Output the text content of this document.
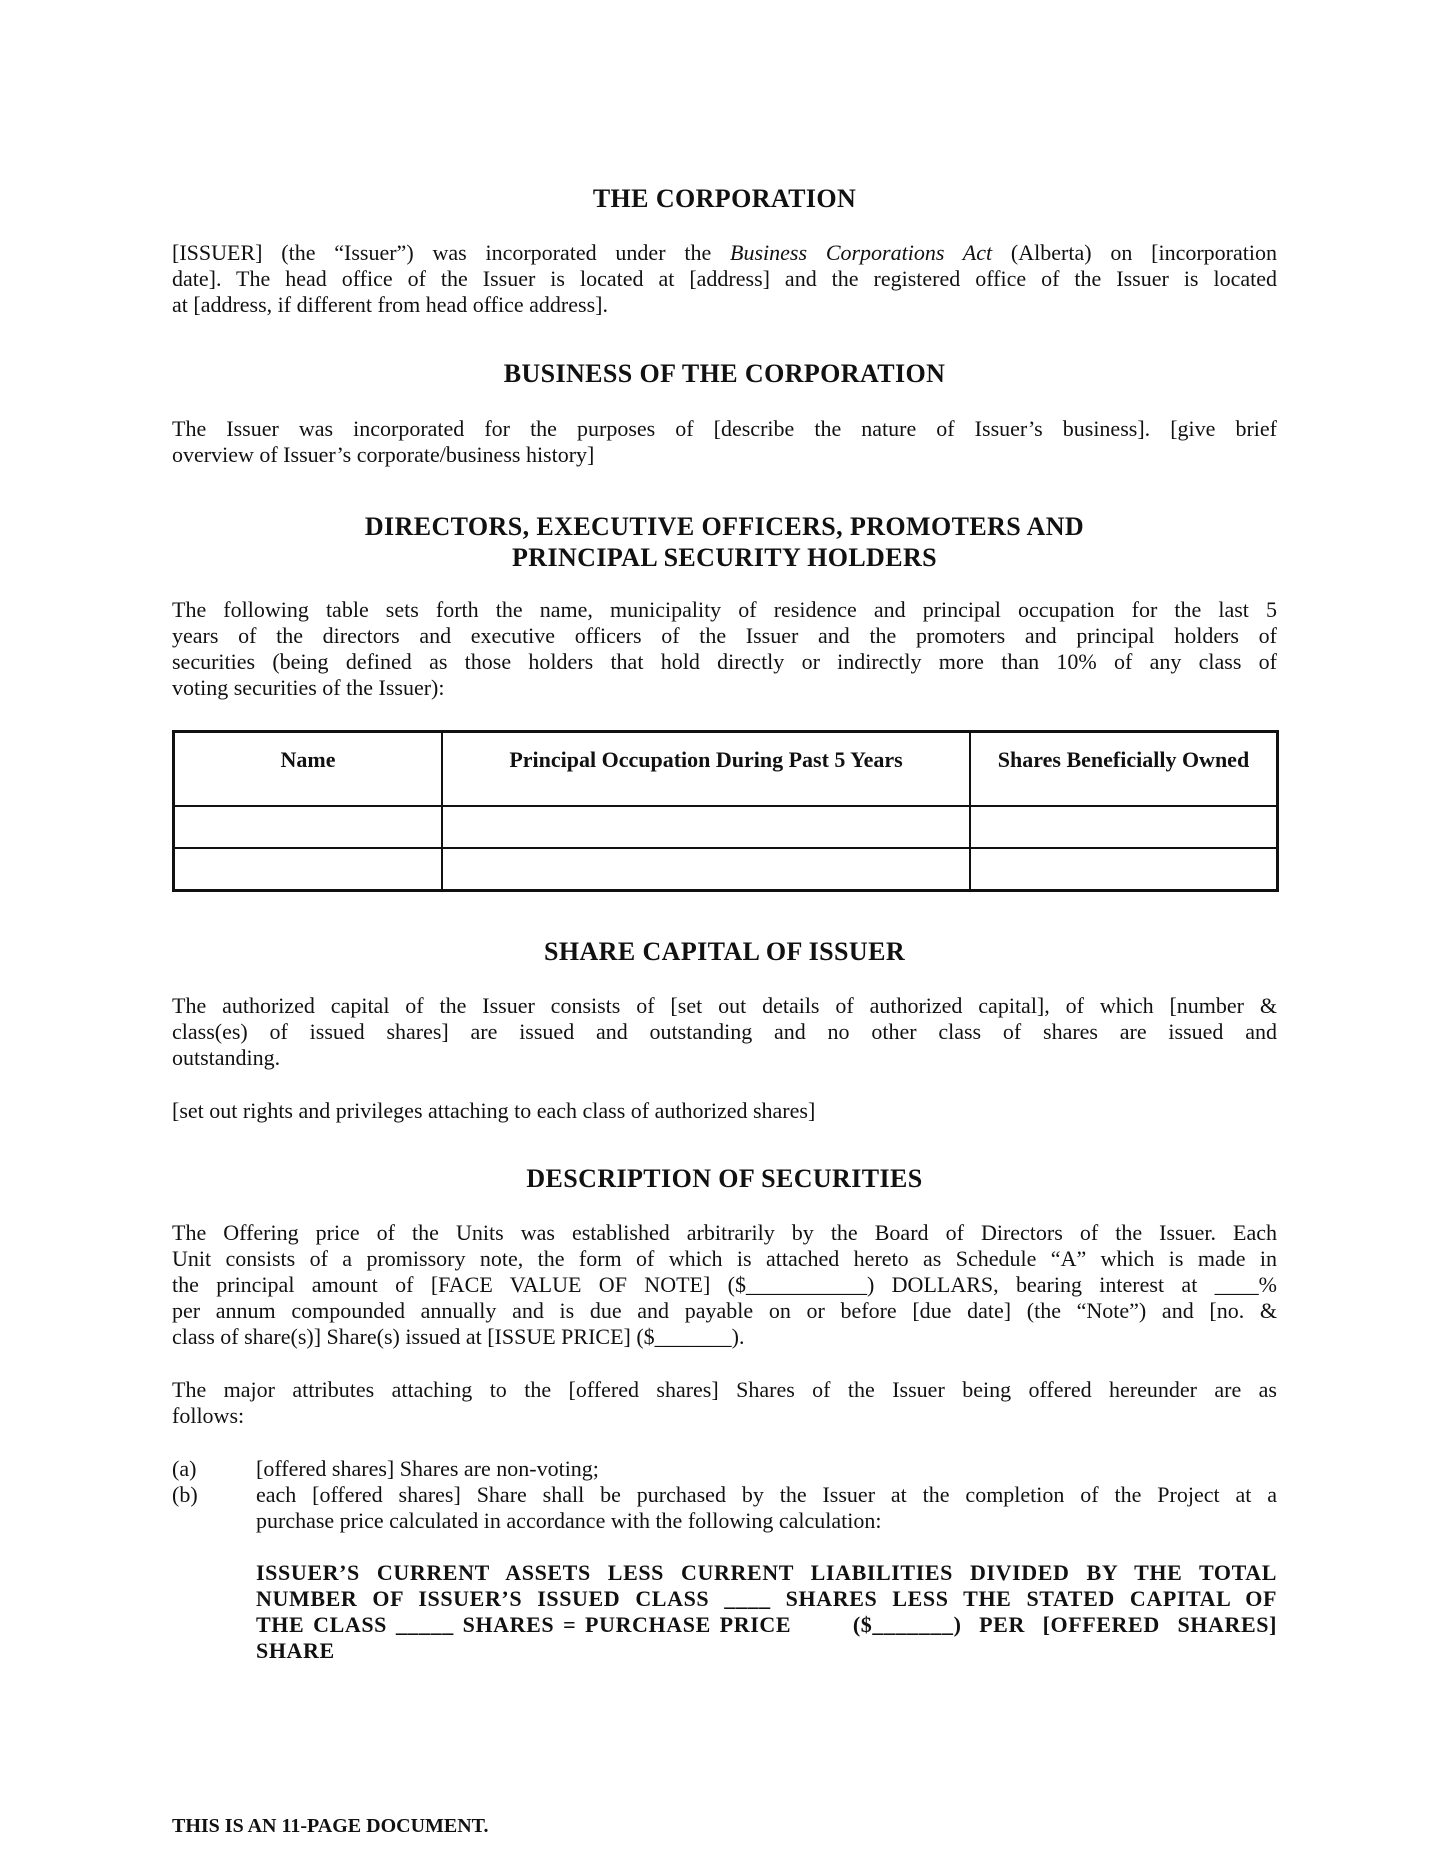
THE CORPORATION
[ISSUER] (the “Issuer”) was incorporated under the Business Corporations Act (Alberta) on [incorporation
date]. The head office of the Issuer is located at [address] and the registered office of the Issuer is located
at [address, if different from head office address].
BUSINESS OF THE CORPORATION
The Issuer was incorporated for the purposes of [describe the nature of Issuer’s business]. [give brief
overview of Issuer’s corporate/business history]
DIRECTORS, EXECUTIVE OFFICERS, PROMOTERS AND
PRINCIPAL SECURITY HOLDERS
The following table sets forth the name, municipality of residence and principal occupation for the last 5
years of the directors and executive officers of the Issuer and the promoters and principal holders of
securities (being defined as those holders that hold directly or indirectly more than 10% of any class of
voting securities of the Issuer):
Name	Principal Occupation During Past 5 Years	Shares Beneficially Owned

SHARE CAPITAL OF ISSUER
The authorized capital of the Issuer consists of [set out details of authorized capital], of which [number &
class(es) of issued shares] are issued and outstanding and no other class of shares are issued and
outstanding.
[set out rights and privileges attaching to each class of authorized shares]
DESCRIPTION OF SECURITIES
The Offering price of the Units was established arbitrarily by the Board of Directors of the Issuer. Each
Unit consists of a promissory note, the form of which is attached hereto as Schedule “A” which is made in
the principal amount of [FACE VALUE OF NOTE] ($___________) DOLLARS, bearing interest at ____%
per annum compounded annually and is due and payable on or before [due date] (the “Note”) and [no. &
class of share(s)] Share(s) issued at [ISSUE PRICE] ($_______).
The major attributes attaching to the [offered shares] Shares of the Issuer being offered hereunder are as
follows:
(a)	[offered shares] Shares are non-voting;
(b)	each [offered shares] Share shall be purchased by the Issuer at the completion of the Project at a
purchase price calculated in accordance with the following calculation:
ISSUER’S CURRENT ASSETS LESS CURRENT LIABILITIES DIVIDED BY THE TOTAL
NUMBER OF ISSUER’S ISSUED CLASS ____ SHARES LESS THE STATED CAPITAL OF
THE CLASS _____ SHARES = PURCHASE PRICE       ($_______)  PER  [OFFERED  SHARES]
SHARE
THIS IS AN 11-PAGE DOCUMENT.
